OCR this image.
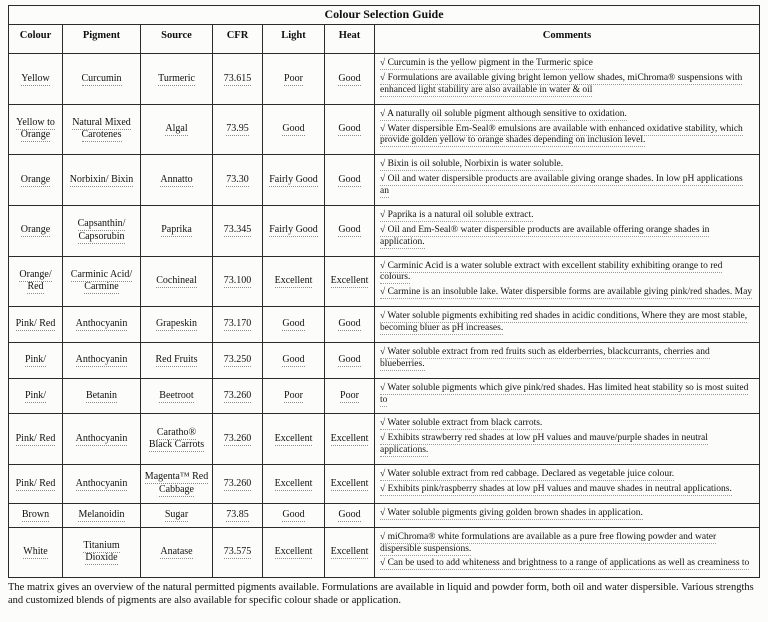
Colour Selection Guide
Colour	Pigment	Source	CFR	Light	Heat	Comments
Yellow	Curcumin	Turmeric	73.615	Poor	Good	√ Curcumin is the yellow pigment in the Turmeric spice
√ Formulations are available giving bright lemon yellow shades, miChroma® suspensions with enhanced light stability are also available in water & oil

Yellow to Orange	Natural Mixed Carotenes	Algal	73.95	Good	Good	√ A naturally oil soluble pigment although sensitive to oxidation.
√ Water dispersible Em-Seal® emulsions are available with enhanced oxidative stability, which provide golden yellow to orange shades depending on inclusion level.

Orange	Norbixin/ Bixin	Annatto	73.30	Fairly Good	Good	√ Bixin is oil soluble, Norbixin is water soluble.
√ Oil and water dispersible products are available giving orange shades. In low pH applications an

Orange	Capsanthin/ Capsorubin	Paprika	73.345	Fairly Good	Good	√ Paprika is a natural oil soluble extract.
√ Oil and Em-Seal® water dispersible products are available offering orange shades in application.

Orange/ Red	Carminic Acid/ Carmine	Cochineal	73.100	Excellent	Excellent	√ Carminic Acid is a water soluble extract with excellent stability exhibiting orange to red colours.
√ Carmine is an insoluble lake. Water dispersible forms are available giving pink/red shades. May

Pink/ Red	Anthocyanin	Grapeskin	73.170	Good	Good	√ Water soluble pigments exhibiting red shades in acidic conditions, Where they are most stable, becoming bluer as pH increases.

Pink/	Anthocyanin	Red Fruits	73.250	Good	Good	√ Water soluble extract from red fruits such as elderberries, blackcurrants, cherries and blueberries.

Pink/	Betanin	Beetroot	73.260	Poor	Poor	√ Water soluble pigments which give pink/red shades. Has limited heat stability so is most suited to

Pink/ Red	Anthocyanin	Caratho® Black Carrots	73.260	Excellent	Excellent	√ Water soluble extract from black carrots.
√ Exhibits strawberry red shades at low pH values and mauve/purple shades in neutral applications.

Pink/ Red	Anthocyanin	Magenta™ Red Cabbage	73.260	Excellent	Excellent	√ Water soluble extract from red cabbage. Declared as vegetable juice colour.
√ Exhibits pink/raspberry shades at low pH values and mauve shades in neutral applications.

Brown	Melanoidin	Sugar	73.85	Good	Good	√ Water soluble pigments giving golden brown shades in application.

White	Titanium Dioxide	Anatase	73.575	Excellent	Excellent	√ miChroma® white formulations are available as a pure free flowing powder and water dispersible suspensions.
√ Can be used to add whiteness and brightness to a range of applications as well as creaminess to

The matrix gives an overview of the natural permitted pigments available. Formulations are available in liquid and powder form, both oil and water dispersible. Various strengths and customized blends of pigments are also available for specific colour shade or application.
